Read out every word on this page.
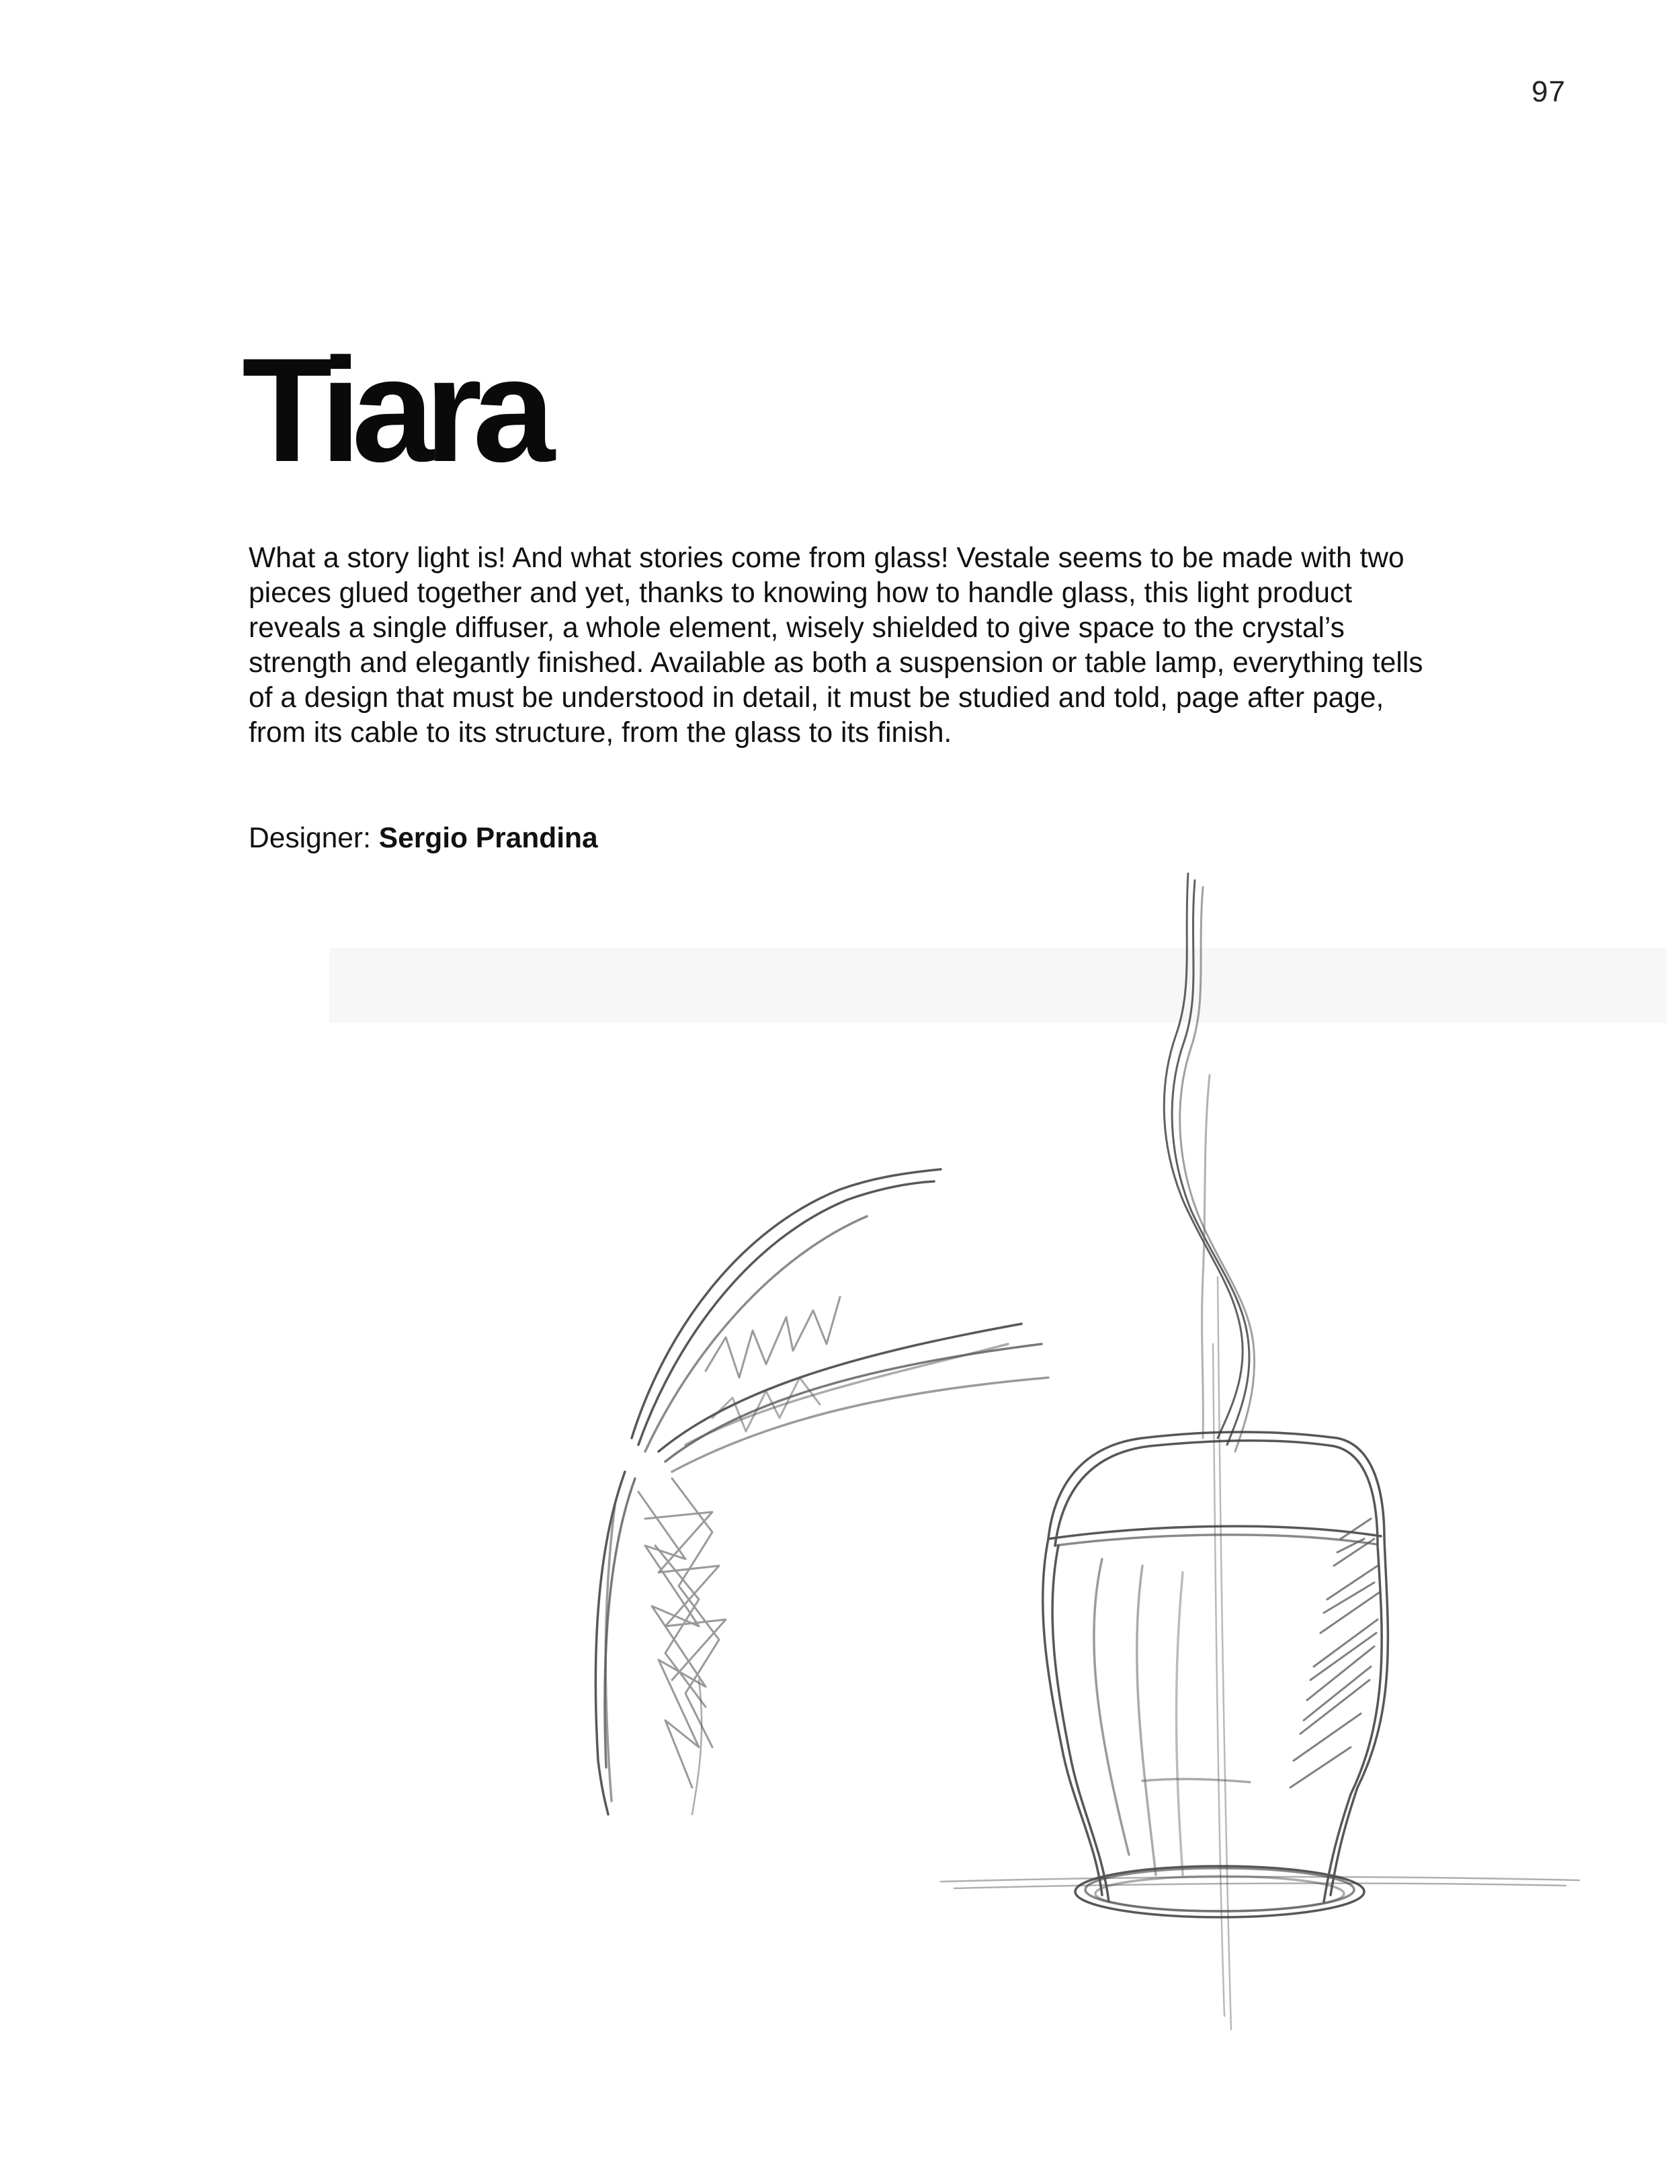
97
Tiara

What a story light is! And what stories come from glass! Vestale seems to be made with two pieces glued together and yet, thanks to knowing how to handle glass, this light product reveals a single diffuser, a whole element, wisely shielded to give space to the crystal’s strength and elegantly finished. Available as both a suspension or table lamp, everything tells of a design that must be understood in detail, it must be studied and told, page after page, from its cable to its structure, from the glass to its finish.

Designer: Sergio Prandina
